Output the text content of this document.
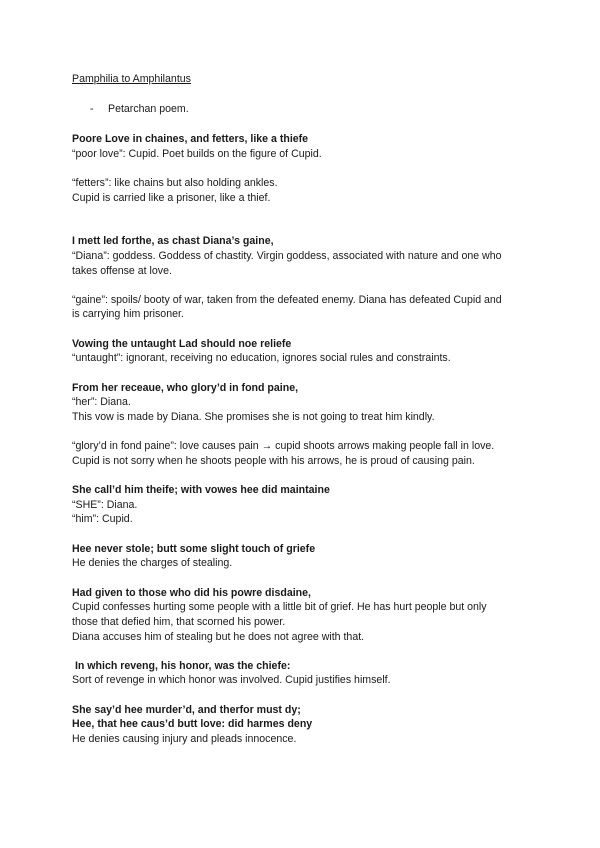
Pamphilia to Amphilantus
- Petarchan poem.
Poore Love in chaines, and fetters, like a thiefe
“poor love”: Cupid. Poet builds on the figure of Cupid.
“fetters”: like chains but also holding ankles.
Cupid is carried like a prisoner, like a thief.
I mett led forthe, as chast Diana’s gaine,
“Diana”: goddess. Goddess of chastity. Virgin goddess, associated with nature and one who
takes offense at love.
“gaine”: spoils/ booty of war, taken from the defeated enemy. Diana has defeated Cupid and
is carrying him prisoner.
Vowing the untaught Lad should noe reliefe
“untaught”: ignorant, receiving no education, ignores social rules and constraints.
From her receaue, who glory’d in fond paine,
“her”: Diana.
This vow is made by Diana. She promises she is not going to treat him kindly.
“glory’d in fond paine”: love causes pain → cupid shoots arrows making people fall in love.
Cupid is not sorry when he shoots people with his arrows, he is proud of causing pain.
She call’d him theife; with vowes hee did maintaine
“SHE”: Diana.
“him”: Cupid.
Hee never stole; butt some slight touch of griefe
He denies the charges of stealing.
Had given to those who did his powre disdaine,
Cupid confesses hurting some people with a little bit of grief. He has hurt people but only
those that defied him, that scorned his power.
Diana accuses him of stealing but he does not agree with that.
In which reveng, his honor, was the chiefe:
Sort of revenge in which honor was involved. Cupid justifies himself.
She say’d hee murder’d, and therfor must dy;
Hee, that hee caus’d butt love: did harmes deny
He denies causing injury and pleads innocence.
